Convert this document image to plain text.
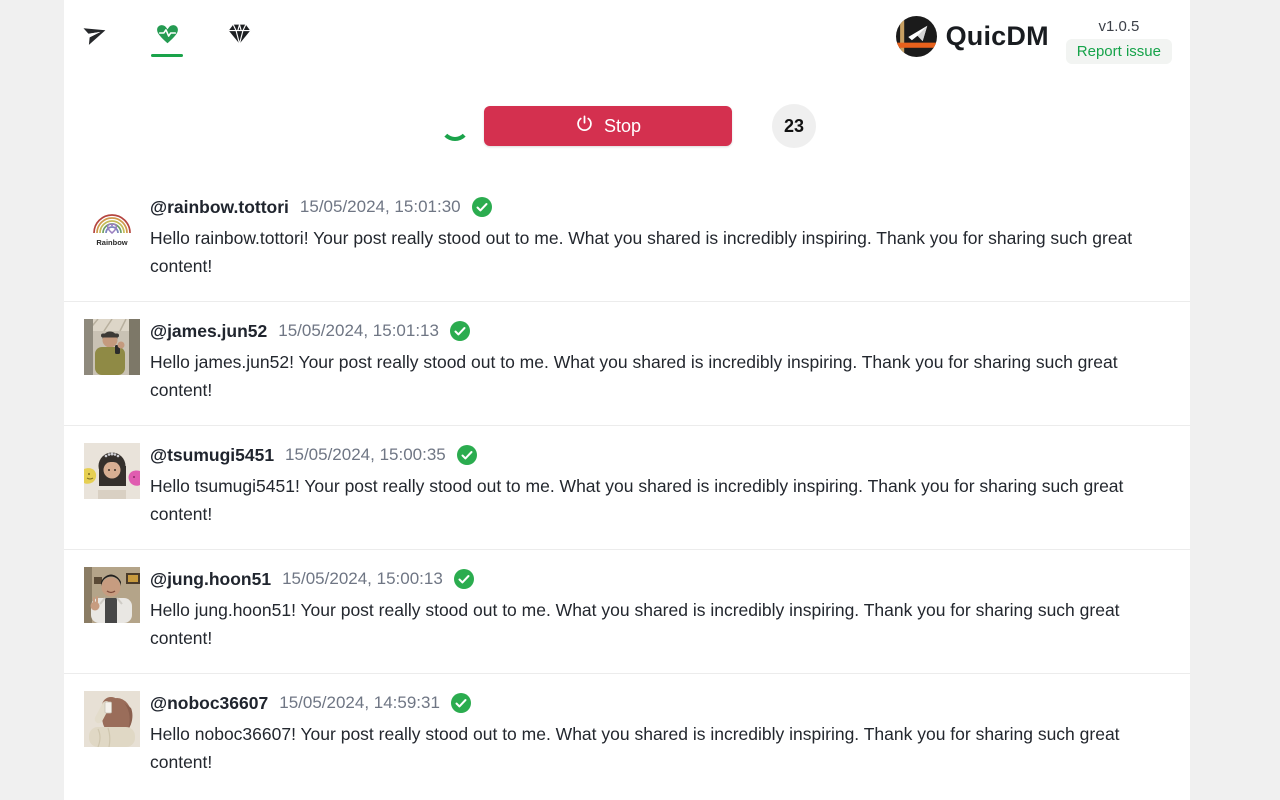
QuicDM	v1.0.5
Report issue
Stop	23
Rainbow
@rainbow.tottori 15/05/2024, 15:01:30

Hello rainbow.tottori! Your post really stood out to me. What you shared is incredibly inspiring. Thank you for sharing such great content!

@james.jun52 15/05/2024, 15:01:13

Hello james.jun52! Your post really stood out to me. What you shared is incredibly inspiring. Thank you for sharing such great content!

@tsumugi5451 15/05/2024, 15:00:35

Hello tsumugi5451! Your post really stood out to me. What you shared is incredibly inspiring. Thank you for sharing such great content!

@jung.hoon51 15/05/2024, 15:00:13

Hello jung.hoon51! Your post really stood out to me. What you shared is incredibly inspiring. Thank you for sharing such great content!

@noboc36607 15/05/2024, 14:59:31

Hello noboc36607! Your post really stood out to me. What you shared is incredibly inspiring. Thank you for sharing such great content!
